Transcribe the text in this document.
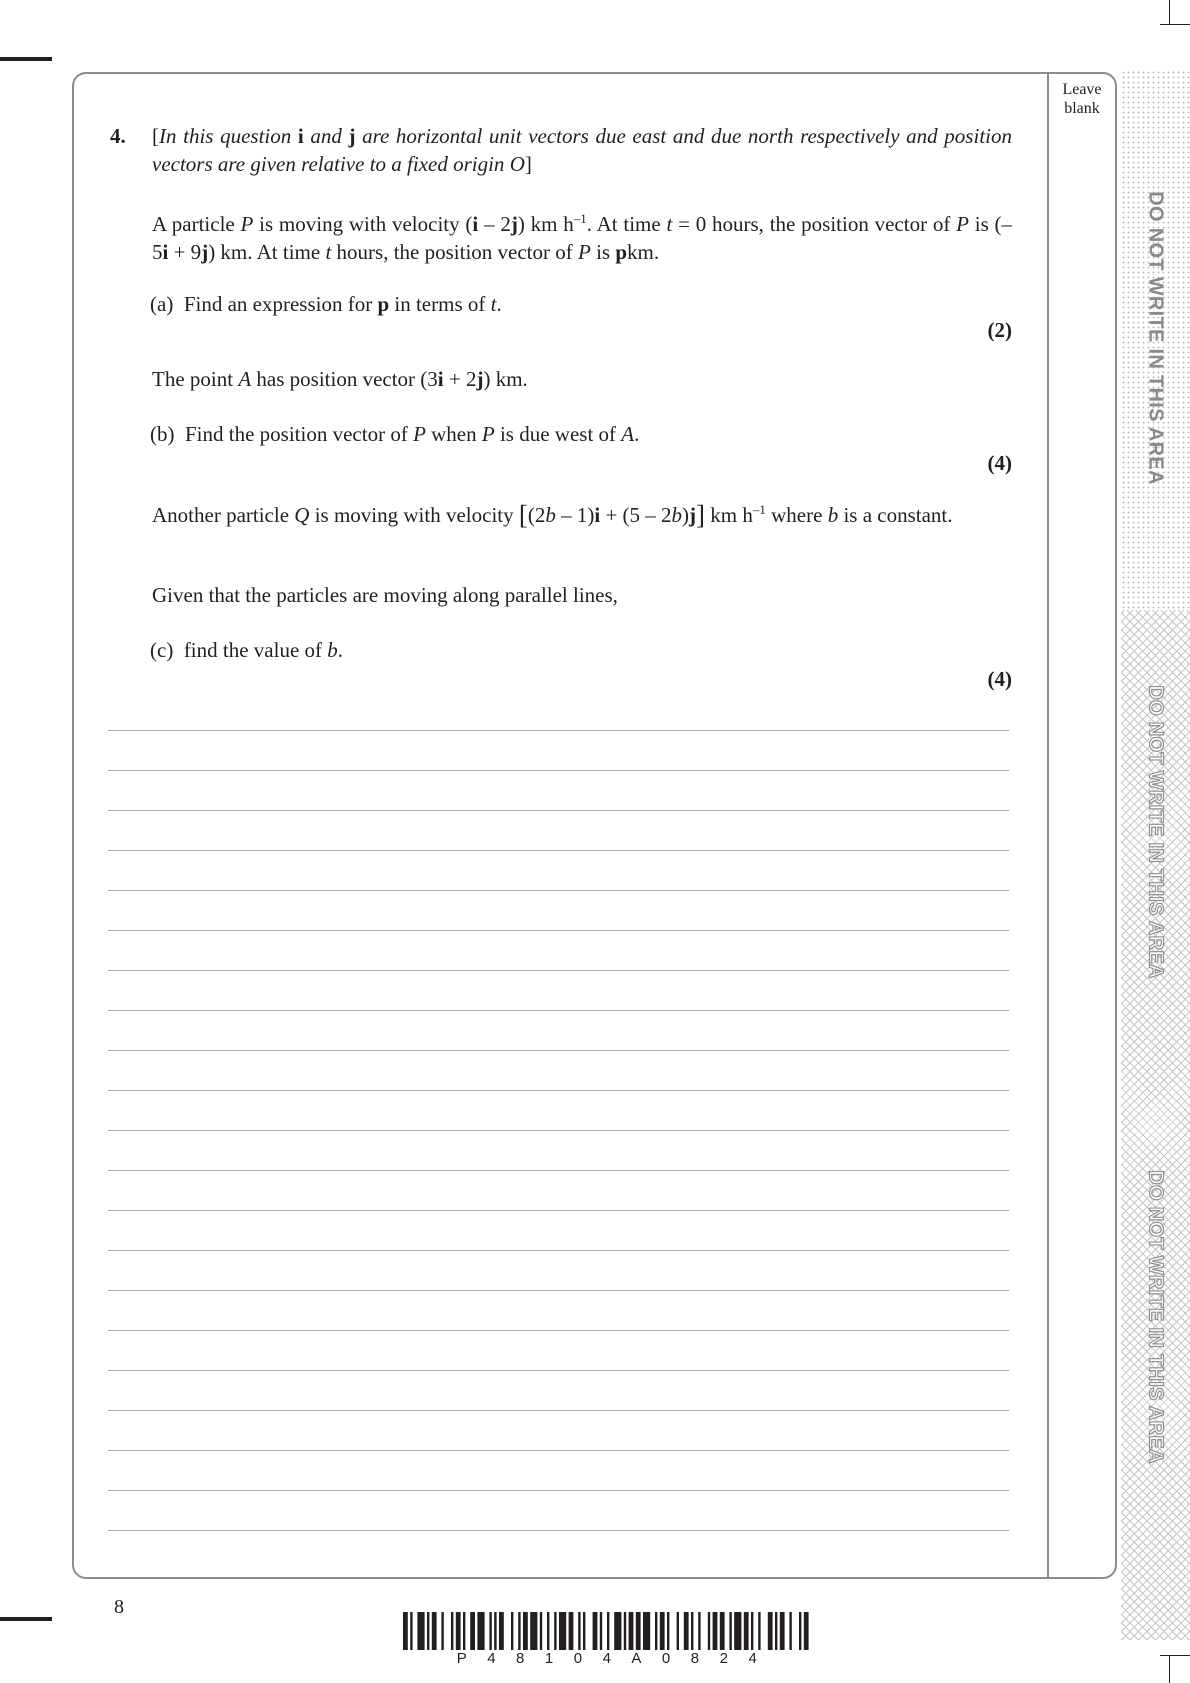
DO NOT WRITE IN THIS AREA
DO NOT WRITE IN THIS AREA
DO NOT WRITE IN THIS AREA
Leave blank
4. [In this question i and j are horizontal unit vectors due east and due north respectively and position vectors are given relative to a fixed origin O]
A particle P is moving with velocity (i – 2j) km $h^{-1}$. At time t = 0 hours, the position vector of P is (–5i + 9j) km. At time t hours, the position vector of P is pkm.
(a) Find an expression for p in terms of t.
(2)
The point A has position vector (3i + 2j) km.
(b) Find the position vector of P when P is due west of A.
(4)
Another particle Q is moving with velocity [(2b – 1)i + (5 – 2b)j] km $h^{-1}$ where b is a constant.
Given that the particles are moving along parallel lines,
(c) find the value of b.
(4)
8
P48104A0824
